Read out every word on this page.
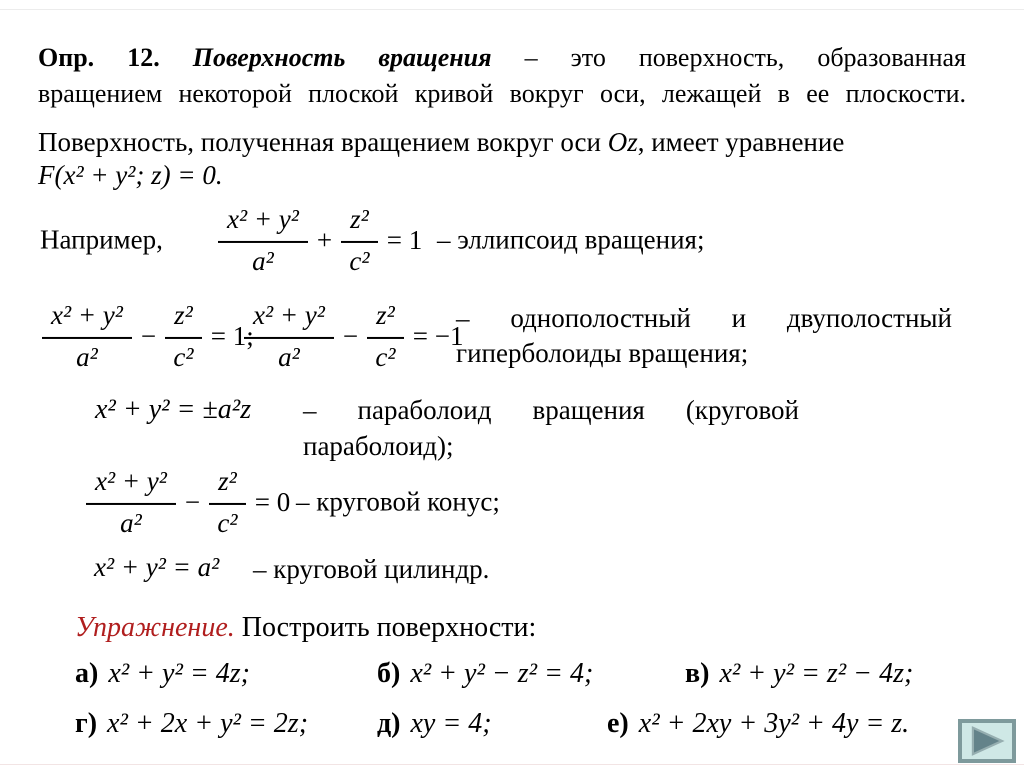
Опр. 12. Поверхность вращения – это поверхность, образованная
вращением некоторой плоской кривой вокруг оси, лежащей в ее плоскости.
Поверхность, полученная вращением вокруг оси Oz, имеет уравнение
F(x² + y²; z) = 0.
Например, $\frac{\text{x² + y²}}{\text{a²}} + \frac{\text{z²}}{\text{c²}} = 1$ – эллипсоид вращения;
$\frac{\text{x² + y²}}{\text{a²}} - \frac{\text{z²}}{\text{c²}} = 1$;
$\frac{\text{x² + y²}}{\text{a²}} - \frac{\text{z²}}{\text{c²}} = -1$
– однополостный и двуполостный
гиперболоиды вращения;
x² + y² = ±a²z – параболоид вращения (круговой
параболоид);
$\frac{\text{x² + y²}}{\text{a²}} - \frac{\text{z²}}{\text{c²}} = 0$ – круговой конус;
x² + y² = a² – круговой цилиндр.
Упражнение. Построить поверхности:
а) x² + y² = 4z;	б) x² + y² − z² = 4;	в) x² + y² = z² − 4z;
г) x² + 2x + y² = 2z; д) xy = 4;	е) x² + 2xy + 3y² + 4y = z.
